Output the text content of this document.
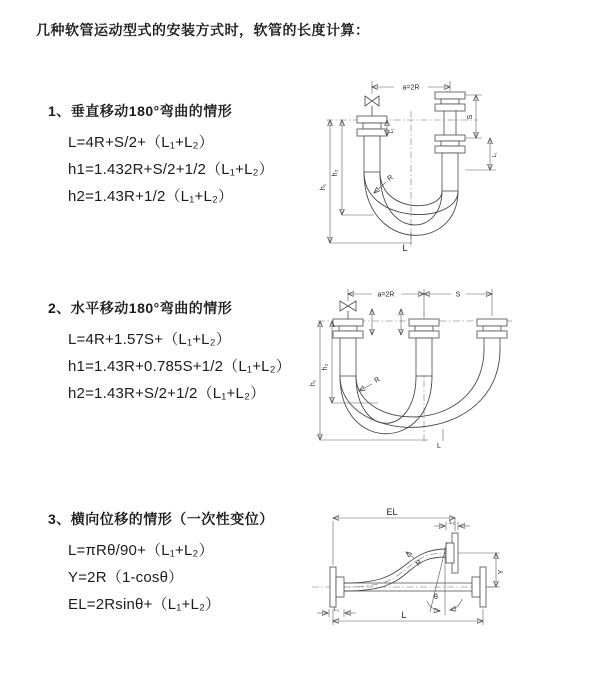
几种软管运动型式的安装方式时，软管的长度计算：
1、垂直移动180°弯曲的情形
L=4R+S/2+（L₁+L₂）
h1=1.432R+S/2+1/2（L₁+L₂）
h2=1.43R+1/2（L₁+L₂）
2、水平移动180°弯曲的情形
L=4R+1.57S+（L₁+L₂）
h1=1.43R+0.785S+1/2（L₁+L₂）
h2=1.43R+S/2+1/2（L₁+L₂）
3、横向位移的情形（一次性变位）
L=πRθ/90+（L₁+L₂）
Y=2R（1-cosθ）
EL=2Rsinθ+（L₁+L₂）
a=2R
R
h₁
h₂
L₁
S
L₁
L
a=2R	S
R
h₁
h₂
L
EL
L₂
R
θ
Y
L₁	L
